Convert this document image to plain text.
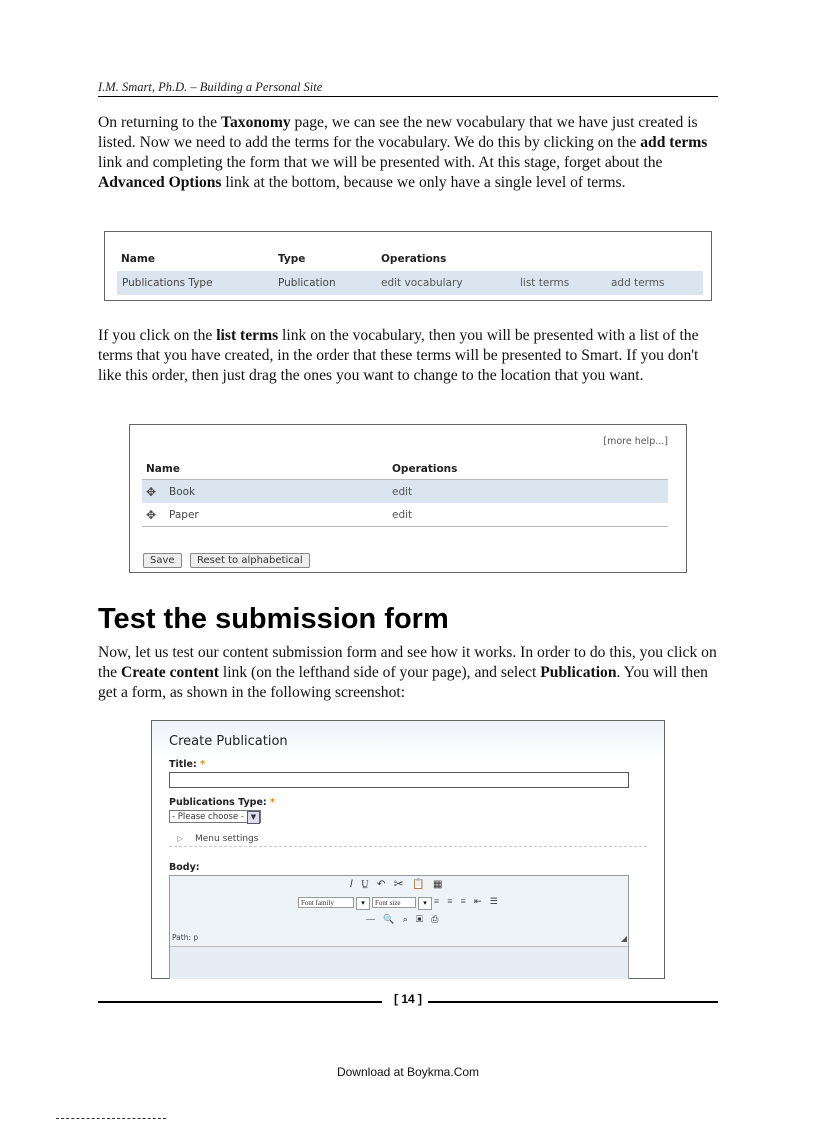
I.M. Smart, Ph.D. – Building a Personal Site

On returning to the Taxonomy page, we can see the new vocabulary that we have just created is listed. Now we need to add the terms for the vocabulary. We do this by clicking on the add terms link and completing the form that we will be presented with. At this stage, forget about the Advanced Options link at the bottom, because we only have a single level of terms.

Name	Type	Operations
Publications Type	Publication	edit vocabulary	list terms	add terms

If you click on the list terms link on the vocabulary, then you will be presented with a list of the terms that you have created, in the order that these terms will be presented to Smart. If you don't like this order, then just drag the ones you want to change to the location that you want.

[more help...]
Name	Operations
✥ Book	edit
✥ Paper	edit
Save	Reset to alphabetical
Test the submission form

Now, let us test our content submission form and see how it works. In order to do this, you click on the Create content link (on the lefthand side of your page), and select Publication. You will then get a form, as shown in the following screenshot:

Create Publication
Title: *
Publications Type: *
- Please choose - ▼
▷ Menu settings
Body:
𝐼 U̲ ↶ ✂ 📋 ▦
Font family	▾	Font size	▾ ≡ ≡ ≡ ⇤ ☰
— 🔍 ⌕ ▣ ⎙
Path: p	◢
[ 14 ]
Download at Boykma.Com
